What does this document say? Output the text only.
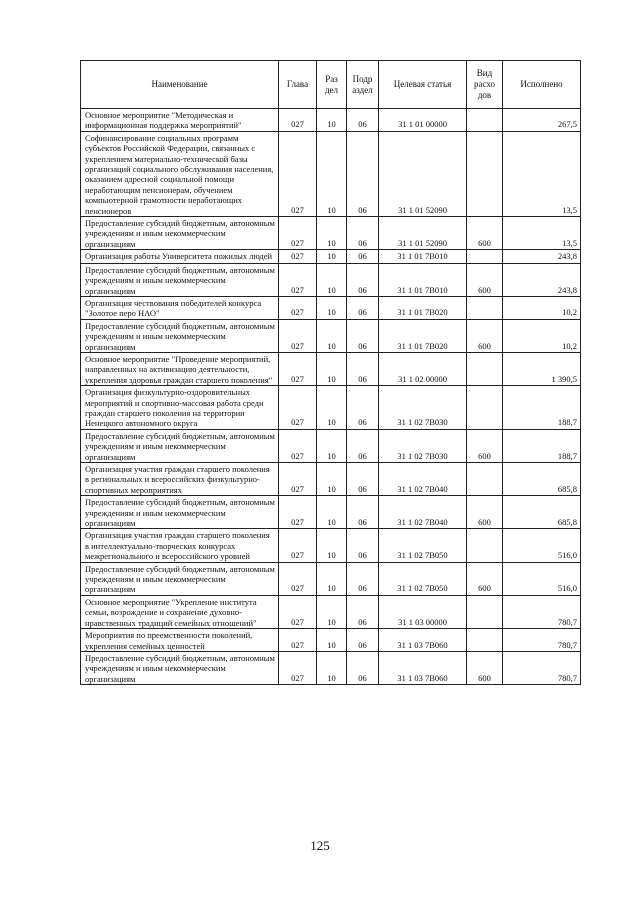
Наименование	Глава	Раз дел	Подр аздел	Целевая статья	Вид расхо дов	Исполнено
Основное мероприятие "Методическая и информационная поддержка мероприятий"	027	10	06	31 1 01 00000		267,5
Софинансирование социальных программ субъектов Российской Федерации, связанных с укреплением материально-технической базы организаций социального обслуживания населения, оказанием адресной социальной помощи неработающим пенсионерам, обучением компьютерной грамотности неработающих пенсионеров	027	10	06	31 1 01 52090		13,5
Предоставление субсидий бюджетным, автономным учреждениям и иным некоммерческим организациям	027	10	06	31 1 01 52090	600	13,5
Организация работы Университета пожилых людей	027	10	06	31 1 01 7В010		243,8
Предоставление субсидий бюджетным, автономным учреждениям и иным некоммерческим организациям	027	10	06	31 1 01 7В010	600	243,8
Организация чествования победителей конкурса "Золотое перо НАО"	027	10	06	31 1 01 7В020		10,2
Предоставление субсидий бюджетным, автономным учреждениям и иным некоммерческим организациям	027	10	06	31 1 01 7В020	600	10,2
Основное мероприятие "Проведение мероприятий, направленных на активизацию деятельности, укрепления здоровья граждан старшего поколения"	027	10	06	31 1 02 00000		1 390,5
Организация физкультурно-оздоровительных мероприятий и спортивно-массовая работа среди граждан старшего поколения на территории Ненецкого автономного округа	027	10	06	31 1 02 7В030		188,7
Предоставление субсидий бюджетным, автономным учреждениям и иным некоммерческим организациям	027	10	06	31 1 02 7В030	600	188,7
Организация участия граждан старшего поколения в региональных и всероссийских физкультурно-спортивных мероприятиях	027	10	06	31 1 02 7В040		685,8
Предоставление субсидий бюджетным, автономным учреждениям и иным некоммерческим организациям	027	10	06	31 1 02 7В040	600	685,8
Организация участия граждан старшего поколения в интеллектуально-творческих конкурсах межрегионального и всероссийского уровней	027	10	06	31 1 02 7В050		516,0
Предоставление субсидий бюджетным, автономным учреждениям и иным некоммерческим организациям	027	10	06	31 1 02 7В050	600	516,0
Основное мероприятие "Укрепление института семьи, возрождение и сохранение духовно-нравственных традиций семейных отношений"	027	10	06	31 1 03 00000		780,7
Мероприятия по преемственности поколений, укрепления семейных ценностей	027	10	06	31 1 03 7В060		780,7
Предоставление субсидий бюджетным, автономным учреждениям и иным некоммерческим организациям	027	10	06	31 1 03 7В060	600	780,7
125
